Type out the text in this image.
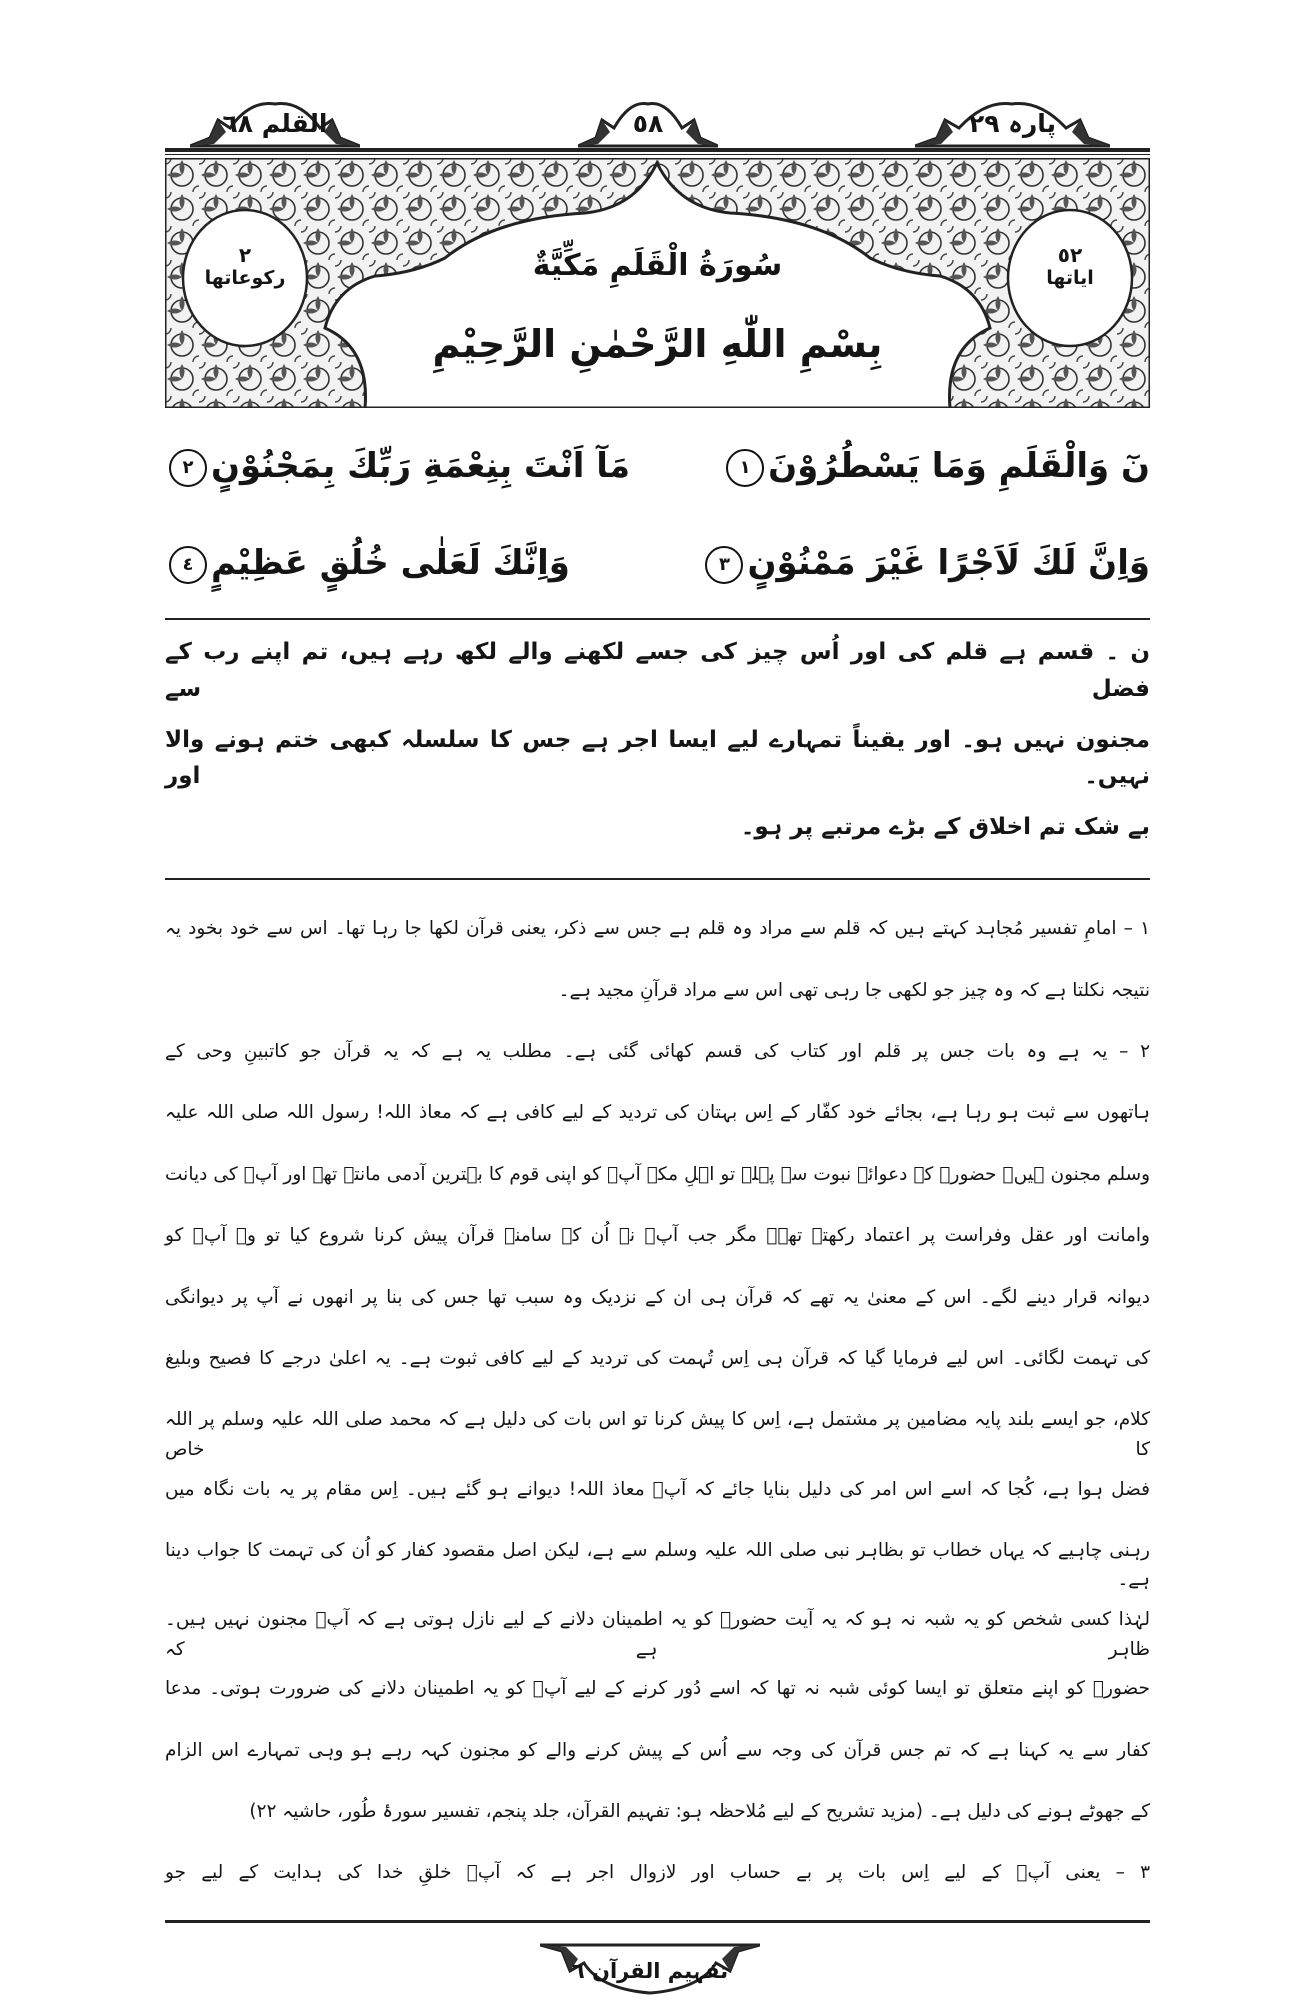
القلم ٦٨	٥٨	پارہ ٢٩
٢
رکوعاتها
٥٢
اياتها
سُورَةُ الْقَلَمِ مَكِّيَّةٌ
بِسْمِ اللّٰهِ الرَّحْمٰنِ الرَّحِيْمِ
نٓ وَالْقَلَمِ وَمَا يَسْطُرُوْنَ١
مَآ اَنْتَ بِنِعْمَةِ رَبِّكَ بِمَجْنُوْنٍ٢
وَاِنَّ لَكَ لَاَجْرًا غَيْرَ مَمْنُوْنٍ٣
وَاِنَّكَ لَعَلٰى خُلُقٍ عَظِيْمٍ٤
ن ۔ قسم ہے قلم کی اور اُس چیز کی جسے لکھنے والے لکھ رہے ہیں، تم اپنے رب کے فضل سے
مجنون نہیں ہو۔ اور یقیناً تمہارے لیے ایسا اجر ہے جس کا سلسلہ کبھی ختم ہونے والا نہیں۔ اور
بے شک تم اخلاق کے بڑے مرتبے پر ہو۔
۱ – امامِ تفسیر مُجاہد کہتے ہیں کہ قلم سے مراد وہ قلم ہے جس سے ذکر، یعنی قرآن لکھا جا رہا تھا۔ اس سے خود بخود یہ
نتیجہ نکلتا ہے کہ وہ چیز جو لکھی جا رہی تھی اس سے مراد قرآنِ مجید ہے۔
۲ – یہ ہے وہ بات جس پر قلم اور کتاب کی قسم کھائی گئی ہے۔ مطلب یہ ہے کہ یہ قرآن جو کاتبینِ وحی کے
ہاتھوں سے ثبت ہو رہا ہے، بجائے خود کفّار کے اِس بہتان کی تردید کے لیے کافی ہے کہ معاذ اللہ! رسول اللہ صلی اللہ علیہ
وسلم مجنون ہیں۔ حضورؐ کے دعوائے نبوت سے پہلے تو اہلِ مکہ آپؐ کو اپنی قوم کا بہترین آدمی مانتے تھے اور آپؐ کی دیانت
وامانت اور عقل وفراست پر اعتماد رکھتے تھے۔ مگر جب آپؐ نے اُن کے سامنے قرآن پیش کرنا شروع کیا تو وہ آپؐ کو
دیوانہ قرار دینے لگے۔ اس کے معنیٰ یہ تھے کہ قرآن ہی ان کے نزدیک وہ سبب تھا جس کی بنا پر انھوں نے آپ پر دیوانگی
کی تہمت لگائی۔ اس لیے فرمایا گیا کہ قرآن ہی اِس تُہمت کی تردید کے لیے کافی ثبوت ہے۔ یہ اعلیٰ درجے کا فصیح وبلیغ
کلام، جو ایسے بلند پایہ مضامین پر مشتمل ہے، اِس کا پیش کرنا تو اس بات کی دلیل ہے کہ محمد صلی اللہ علیہ وسلم پر اللہ کا خاص
فضل ہوا ہے، کُجا کہ اسے اس امر کی دلیل بنایا جائے کہ آپؐ معاذ اللہ! دیوانے ہو گئے ہیں۔ اِس مقام پر یہ بات نگاہ میں
رہنی چاہیے کہ یہاں خطاب تو بظاہر نبی صلی اللہ علیہ وسلم سے ہے، لیکن اصل مقصود کفار کو اُن کی تہمت کا جواب دینا ہے۔
لہٰذا کسی شخص کو یہ شبہ نہ ہو کہ یہ آیت حضورؐ کو یہ اطمینان دلانے کے لیے نازل ہوتی ہے کہ آپؐ مجنون نہیں ہیں۔ ظاہر ہے کہ
حضورؐ کو اپنے متعلق تو ایسا کوئی شبہ نہ تھا کہ اسے دُور کرنے کے لیے آپؐ کو یہ اطمینان دلانے کی ضرورت ہوتی۔ مدعا
کفار سے یہ کہنا ہے کہ تم جس قرآن کی وجہ سے اُس کے پیش کرنے والے کو مجنون کہہ رہے ہو وہی تمہارے اس الزام
کے جھوٹے ہونے کی دلیل ہے۔ (مزید تشریح کے لیے مُلاحظہ ہو: تفہیم القرآن، جلد پنجم، تفسیر سورۂ طُور، حاشیہ ۲۲)
۳ – یعنی آپؐ کے لیے اِس بات پر بے حساب اور لازوال اجر ہے کہ آپؐ خلقِ خدا کی ہدایت کے لیے جو
تفہیم القرآن ٦
